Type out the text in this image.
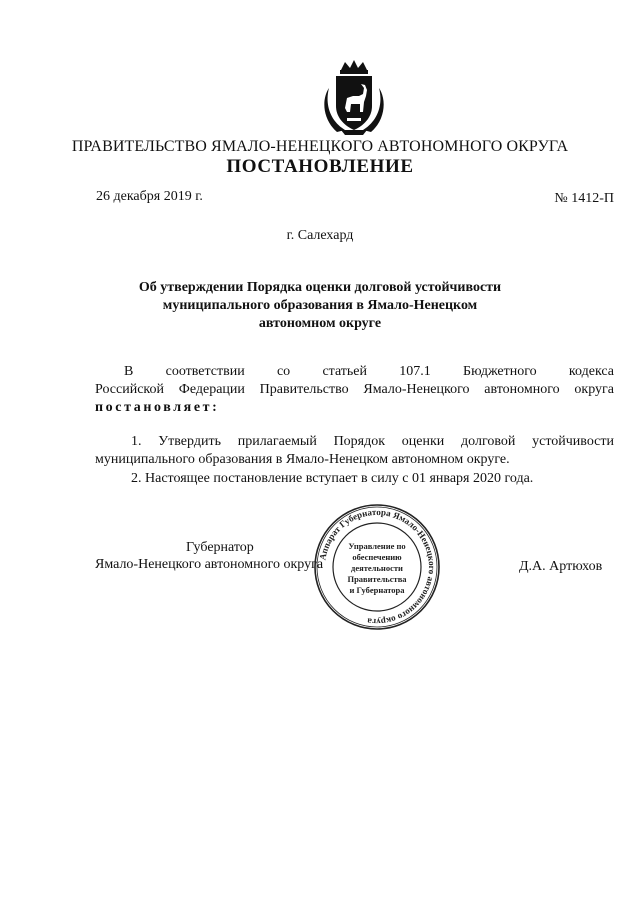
ПРАВИТЕЛЬСТВО ЯМАЛО-НЕНЕЦКОГО АВТОНОМНОГО ОКРУГА
ПОСТАНОВЛЕНИЕ
26 декабря 2019 г.	№ 1412-П
г. Салехард
Об утверждении Порядка оценки долговой устойчивости
муниципального образования в Ямало-Ненецком
автономном округе
В соответствии со статьей 107.1 Бюджетного кодекса
Российской Федерации Правительство Ямало-Ненецкого автономного округа
постановляет:
1. Утвердить прилагаемый Порядок оценки долговой устойчивости
муниципального образования в Ямало-Ненецком автономном округе.
2. Настоящее постановление вступает в силу с 01 января 2020 года.
Губернатор
Ямало-Ненецкого автономного округа	Д.А. Артюхов
Аппарат Губернатора Ямало-Ненецкого автономного округа
Управление по
обеспечению
деятельности
Правительства
и Губернатора
